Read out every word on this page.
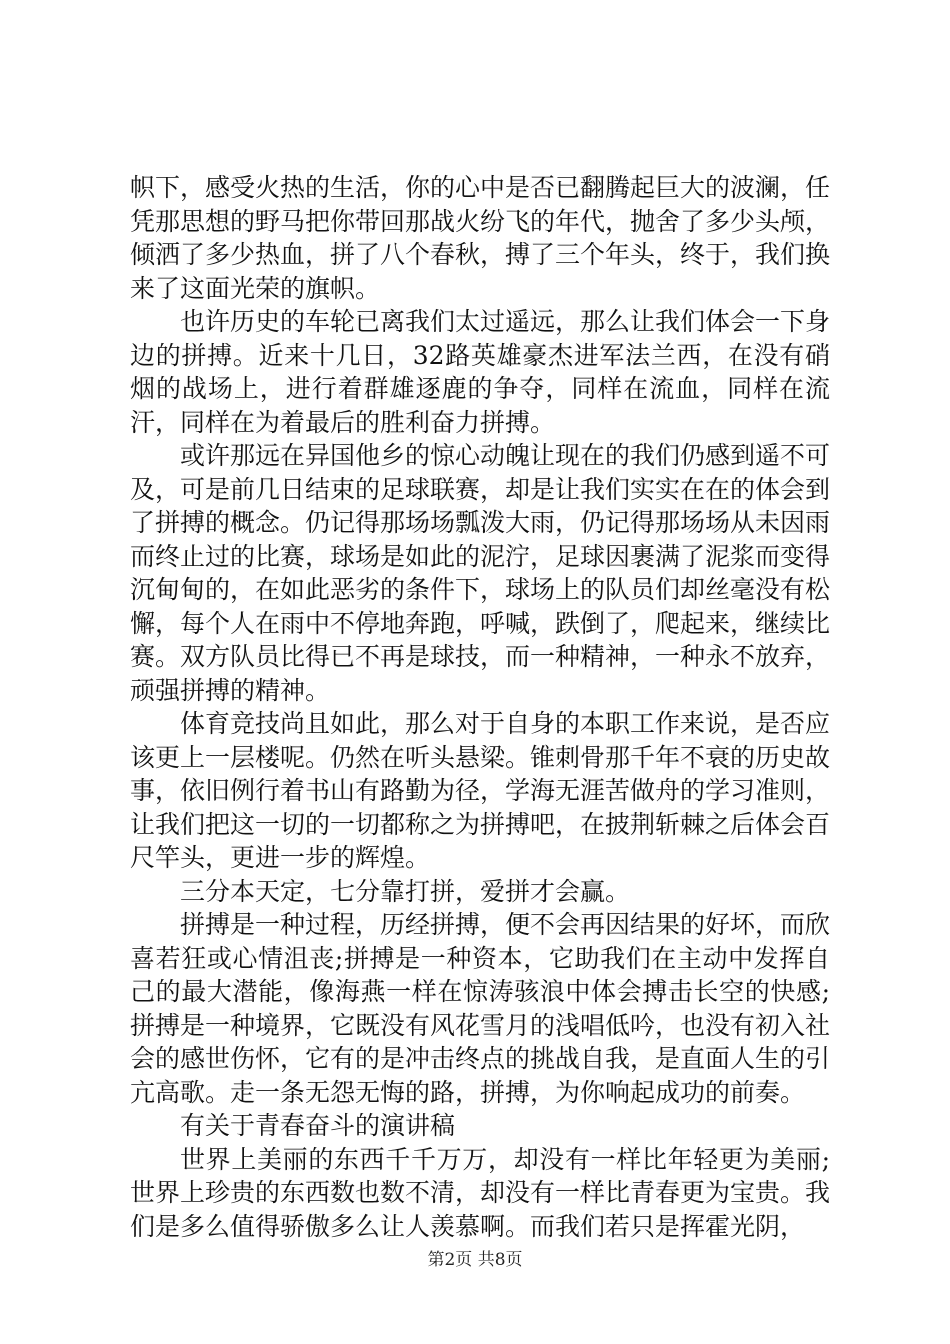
帜下，感受火热的生活，你的心中是否已翻腾起巨大的波澜，任凭那思想的野马把你带回那战火纷飞的年代，抛舍了多少头颅，倾洒了多少热血，拼了八个春秋，搏了三个年头，终于，我们换来了这面光荣的旗帜。

也许历史的车轮已离我们太过遥远，那么让我们体会一下身边的拼搏。近来十几日，32路英雄豪杰进军法兰西，在没有硝烟的战场上，进行着群雄逐鹿的争夺，同样在流血，同样在流汗，同样在为着最后的胜利奋力拼搏。

或许那远在异国他乡的惊心动魄让现在的我们仍感到遥不可及，可是前几日结束的足球联赛，却是让我们实实在在的体会到了拼搏的概念。仍记得那场场瓢泼大雨，仍记得那场场从未因雨而终止过的比赛，球场是如此的泥泞，足球因裹满了泥浆而变得沉甸甸的，在如此恶劣的条件下，球场上的队员们却丝毫没有松懈，每个人在雨中不停地奔跑，呼喊，跌倒了，爬起来，继续比赛。双方队员比得已不再是球技，而一种精神，一种永不放弃，顽强拼搏的精神。

体育竞技尚且如此，那么对于自身的本职工作来说，是否应该更上一层楼呢。仍然在听头悬梁。锥刺骨那千年不衰的历史故事，依旧例行着书山有路勤为径，学海无涯苦做舟的学习准则，让我们把这一切的一切都称之为拼搏吧，在披荆斩棘之后体会百尺竿头，更进一步的辉煌。

三分本天定，七分靠打拼，爱拼才会赢。

拼搏是一种过程，历经拼搏，便不会再因结果的好坏，而欣喜若狂或心情沮丧;拼搏是一种资本，它助我们在主动中发挥自己的最大潜能，像海燕一样在惊涛骇浪中体会搏击长空的快感;拼搏是一种境界，它既没有风花雪月的浅唱低吟，也没有初入社会的感世伤怀，它有的是冲击终点的挑战自我，是直面人生的引亢高歌。走一条无怨无悔的路，拼搏，为你响起成功的前奏。

有关于青春奋斗的演讲稿

世界上美丽的东西千千万万，却没有一样比年轻更为美丽;世界上珍贵的东西数也数不清，却没有一样比青春更为宝贵。我们是多么值得骄傲多么让人羡慕啊。而我们若只是挥霍光阴，

第2页 共8页
